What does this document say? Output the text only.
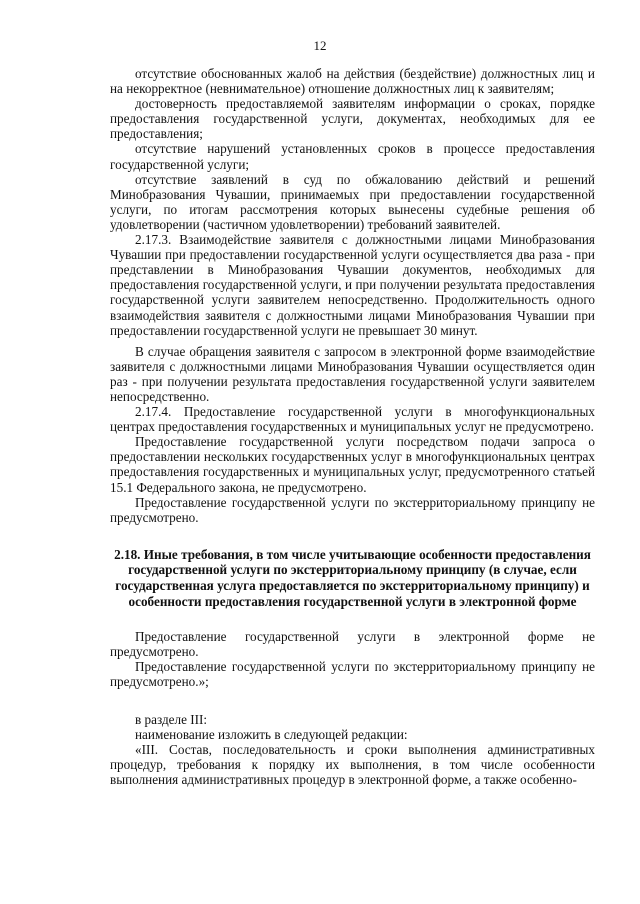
12

отсутствие обоснованных жалоб на действия (бездействие) должностных лиц и на некорректное (невнимательное) отношение должностных лиц к заявителям;

достоверность предоставляемой заявителям информации о сроках, порядке предоставления государственной услуги, документах, необходимых для ее предоставления;

отсутствие нарушений установленных сроков в процессе предоставления государственной услуги;

отсутствие заявлений в суд по обжалованию действий и решений Минобразования Чувашии, принимаемых при предоставлении государственной услуги, по итогам рассмотрения которых вынесены судебные решения об удовлетворении (частичном удовлетворении) требований заявителей.

2.17.3. Взаимодействие заявителя с должностными лицами Минобразования Чувашии при предоставлении государственной услуги осуществляется два раза - при представлении в Минобразования Чувашии документов, необходимых для предоставления государственной услуги, и при получении результата предоставления государственной услуги заявителем непосредственно. Продолжительность одного взаимодействия заявителя с должностными лицами Минобразования Чувашии при предоставлении государственной услуги не превышает 30 минут.

В случае обращения заявителя с запросом в электронной форме взаимодействие заявителя с должностными лицами Минобразования Чувашии осуществляется один раз - при получении результата предоставления государственной услуги заявителем непосредственно.

2.17.4. Предоставление государственной услуги в многофункциональных центрах предоставления государственных и муниципальных услуг не предусмотрено.

Предоставление государственной услуги посредством подачи запроса о предоставлении нескольких государственных услуг в многофункциональных центрах предоставления государственных и муниципальных услуг, предусмотренного статьей 15.1 Федерального закона, не предусмотрено.

Предоставление государственной услуги по экстерриториальному принципу не предусмотрено.

2.18. Иные требования, в том числе учитывающие особенности предоставления государственной услуги по экстерриториальному принципу (в случае, если государственная услуга предоставляется по экстерриториальному принципу) и особенности предоставления государственной услуги в электронной форме

Предоставление государственной услуги в электронной форме не предусмотрено.

Предоставление государственной услуги по экстерриториальному принципу не предусмотрено.»;

в разделе III:

наименование изложить в следующей редакции:

«III. Состав, последовательность и сроки выполнения административных процедур, требования к порядку их выполнения, в том числе особенности выполнения административных процедур в электронной форме, а также особенно-
